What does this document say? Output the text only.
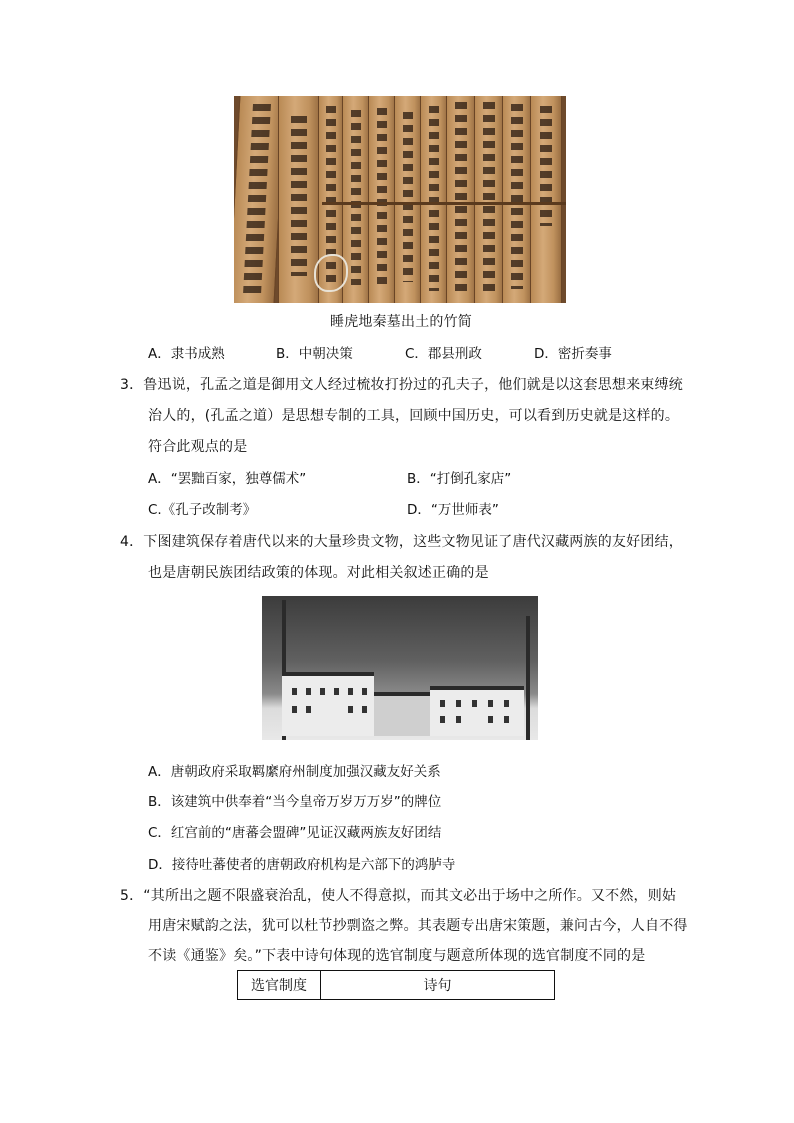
睡虎地秦墓出土的竹简
A．隶书成熟	B．中朝决策	C．郡县刑政	D．密折奏事
3．鲁迅说，孔孟之道是御用文人经过梳妆打扮过的孔夫子，他们就是以这套思想来束缚统
治人的，(孔孟之道）是思想专制的工具，回顾中国历史，可以看到历史就是这样的。
符合此观点的是
A．“罢黜百家，独尊儒术”	B．“打倒孔家店”
C.《孔子改制考》	D．“万世师表”
4．下图建筑保存着唐代以来的大量珍贵文物，这些文物见证了唐代汉藏两族的友好团结，
也是唐朝民族团结政策的体现。对此相关叙述正确的是
A．唐朝政府采取羁縻府州制度加强汉藏友好关系
B．该建筑中供奉着“当今皇帝万岁万万岁”的牌位
C．红宫前的“唐蕃会盟碑”见证汉藏两族友好团结
D．接待吐蕃使者的唐朝政府机构是六部下的鸿胪寺
5．“其所出之题不限盛衰治乱，使人不得意拟，而其文必出于场中之所作。又不然，则姑
用唐宋赋韵之法，犹可以杜节抄剽盗之弊。其表题专出唐宋策题，兼问古今，人自不得
不读《通鉴》矣。”下表中诗句体现的选官制度与题意所体现的选官制度不同的是
选官制度	诗句
